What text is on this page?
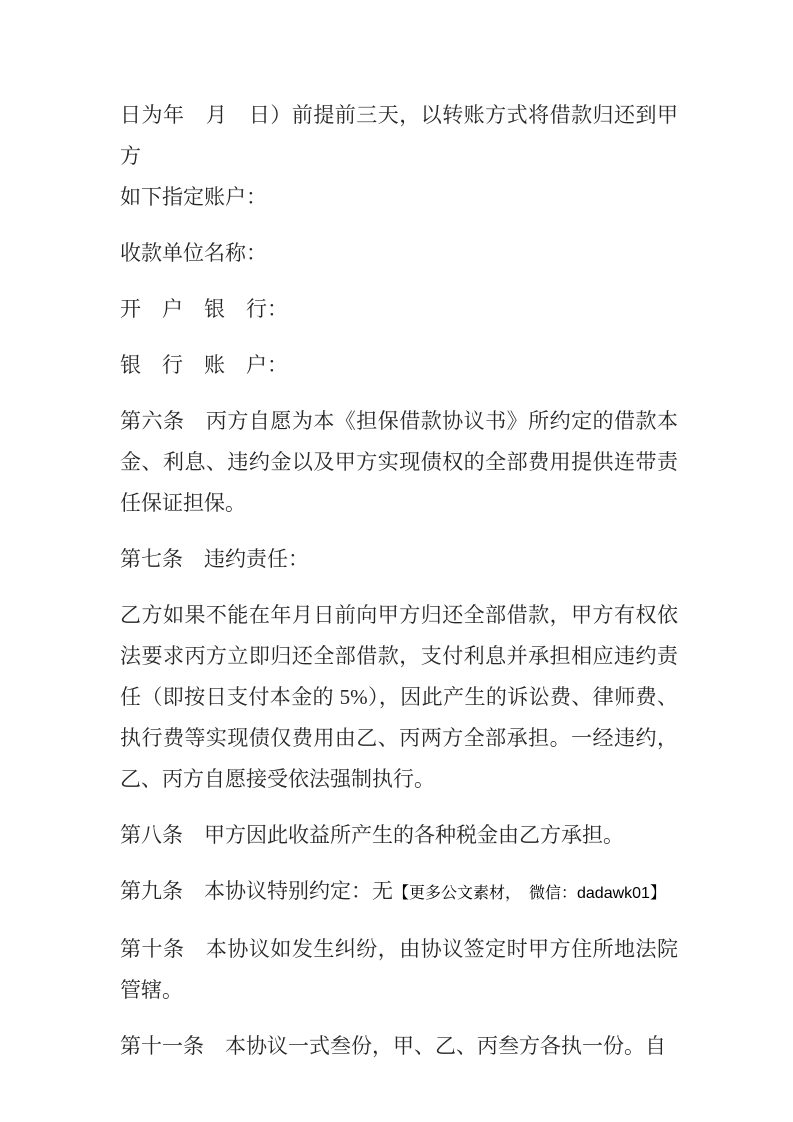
日为年　月　日）前提前三天，以转账方式将借款归还到甲方
如下指定账户：
收款单位名称：
开　户　银　行：
银　行　账　户：
第六条　丙方自愿为本《担保借款协议书》所约定的借款本
金、利息、违约金以及甲方实现债权的全部费用提供连带责
任保证担保。
第七条　违约责任：
乙方如果不能在年月日前向甲方归还全部借款，甲方有权依
法要求丙方立即归还全部借款，支付利息并承担相应违约责
任（即按日支付本金的 5%），因此产生的诉讼费、律师费、
执行费等实现债仅费用由乙、丙两方全部承担。一经违约，
乙、丙方自愿接受依法强制执行。
第八条　甲方因此收益所产生的各种税金由乙方承担。
第九条　本协议特别约定：无【更多公文素材，　微信：dadawk01】
第十条　本协议如发生纠纷，由协议签定时甲方住所地法院
管辖。
第十一条　本协议一式叁份，甲、乙、丙叁方各执一份。自
